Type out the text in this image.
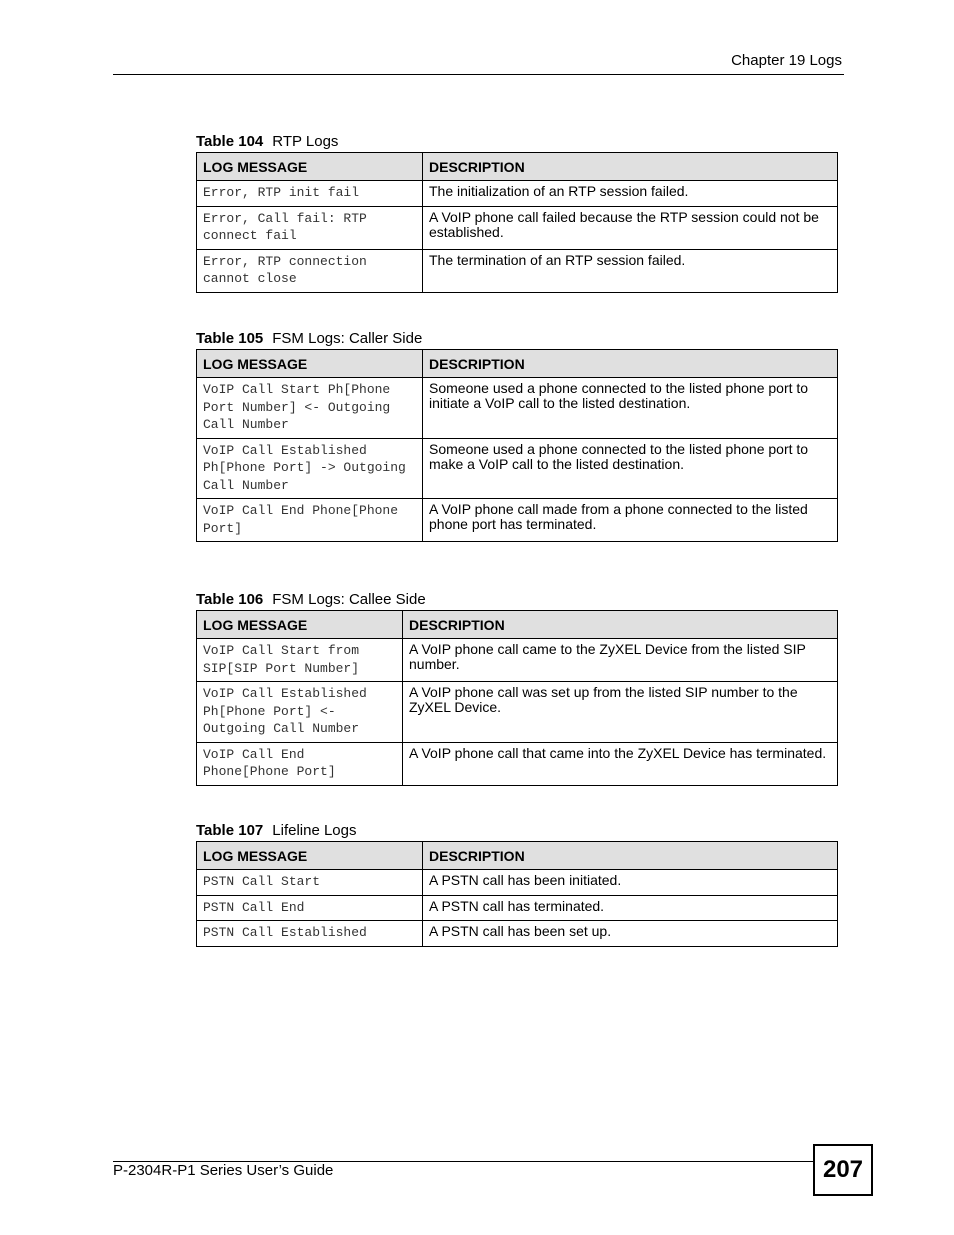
Chapter 19 Logs
Table 104 RTP Logs
LOG MESSAGE	DESCRIPTION
Error, RTP init fail	The initialization of an RTP session failed.
Error, Call fail: RTP connect fail	A VoIP phone call failed because the RTP session could not be established.
Error, RTP connection cannot close	The termination of an RTP session failed.
Table 105 FSM Logs: Caller Side
LOG MESSAGE	DESCRIPTION
VoIP Call Start Ph[Phone Port Number] <- Outgoing Call Number	Someone used a phone connected to the listed phone port to initiate a VoIP call to the listed destination.
VoIP Call Established Ph[Phone Port] -> Outgoing Call Number	Someone used a phone connected to the listed phone port to make a VoIP call to the listed destination.
VoIP Call End Phone[Phone Port]	A VoIP phone call made from a phone connected to the listed phone port has terminated.
Table 106 FSM Logs: Callee Side
LOG MESSAGE	DESCRIPTION
VoIP Call Start from SIP[SIP Port Number]	A VoIP phone call came to the ZyXEL Device from the listed SIP number.
VoIP Call Established Ph[Phone Port] <- Outgoing Call Number	A VoIP phone call was set up from the listed SIP number to the ZyXEL Device.
VoIP Call End Phone[Phone Port]	A VoIP phone call that came into the ZyXEL Device has terminated.
Table 107 Lifeline Logs
LOG MESSAGE	DESCRIPTION
PSTN Call Start	A PSTN call has been initiated.
PSTN Call End	A PSTN call has terminated.
PSTN Call Established	A PSTN call has been set up.
P-2304R-P1 Series User’s Guide	207
